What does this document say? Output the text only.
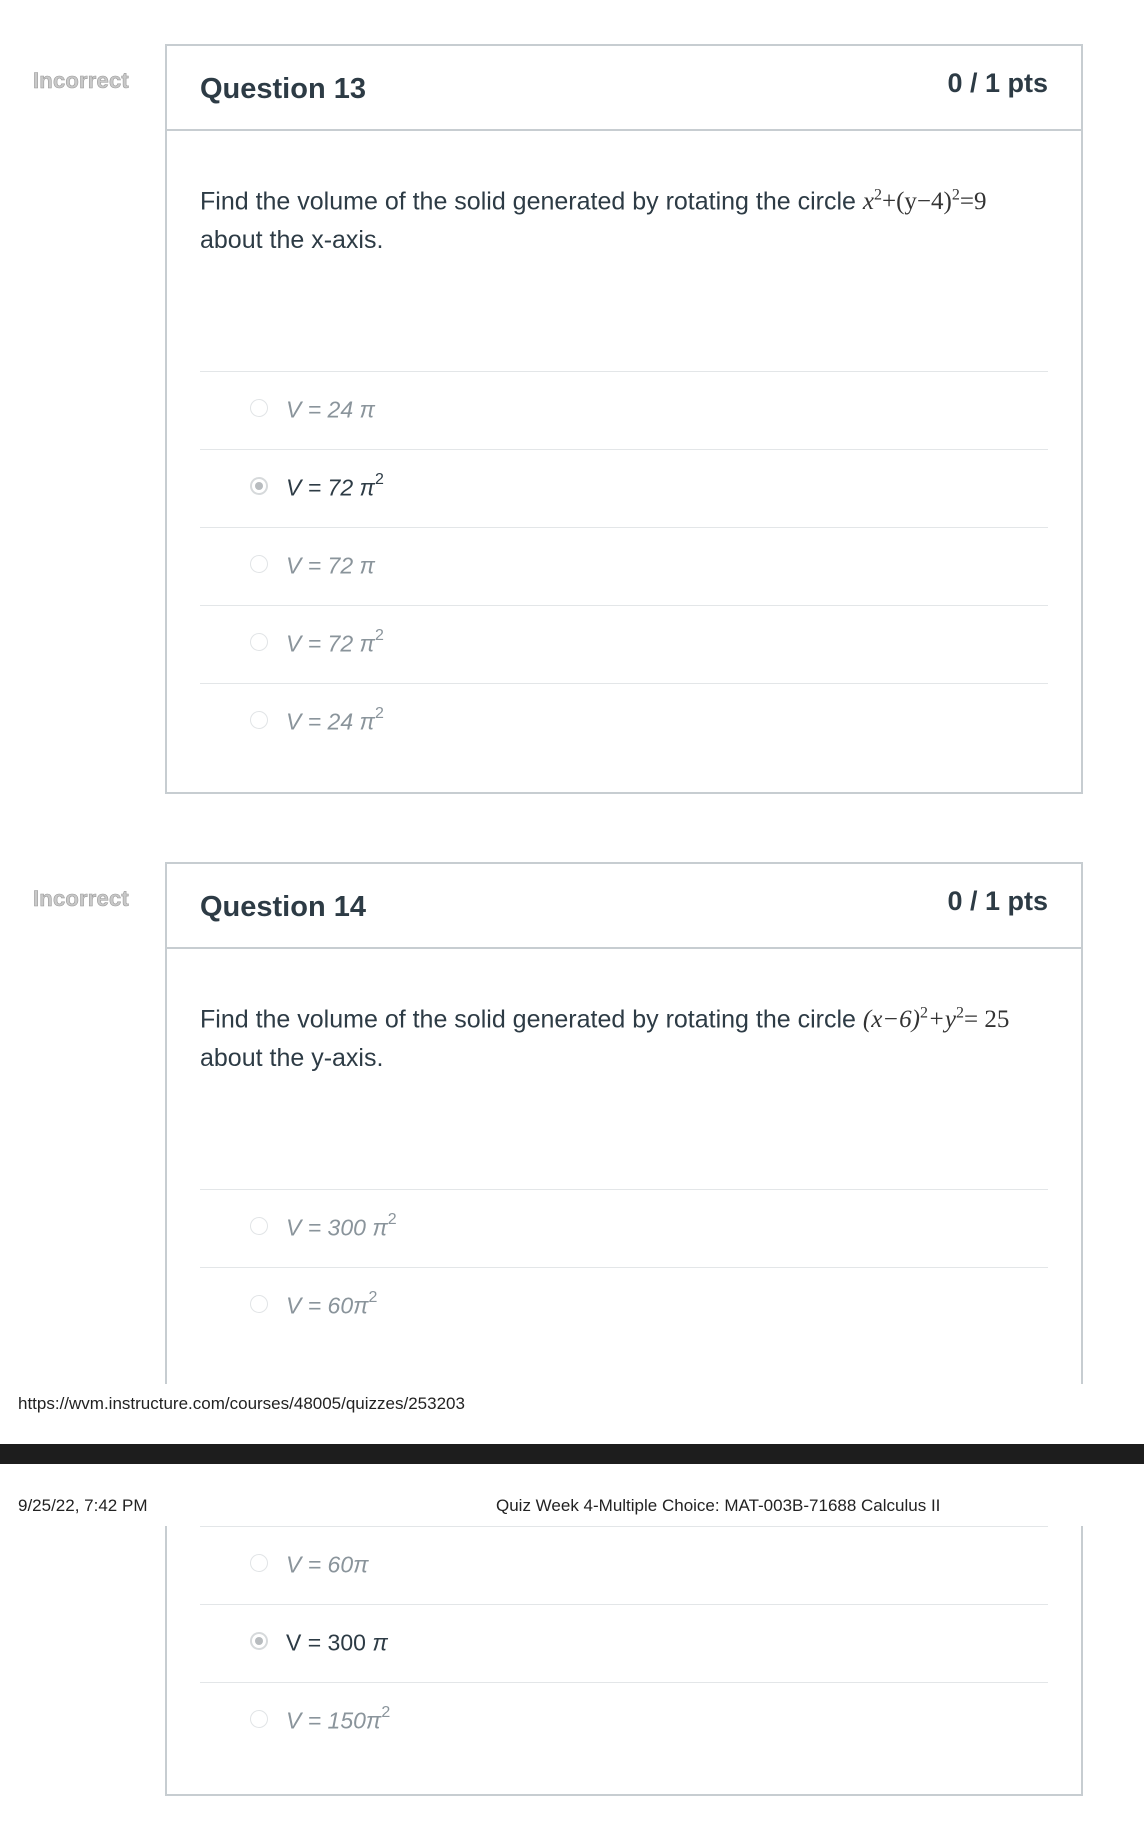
Incorrect Question 13	0 / 1 pts
Find the volume of the solid generated by rotating the circle $x^2+(y-4)^2=9$
about the x-axis.
V = 24 π
V = 72 $\pi^2$
V = 72 π
V = 72 $\pi^2$
V = 24 $\pi^2$
Incorrect Question 14	0 / 1 pts
Find the volume of the solid generated by rotating the circle $(x-6)^2+y^2= 25$
about the y-axis.
V = 300 $\pi^2$
$V = 60\pi^2$
https://wvm.instructure.com/courses/48005/quizzes/253203
9/25/22, 7:42 PM	Quiz Week 4-Multiple Choice: MAT-003B-71688 Calculus II
V = 60π
V = 300 π
$V = 150\pi^2$
